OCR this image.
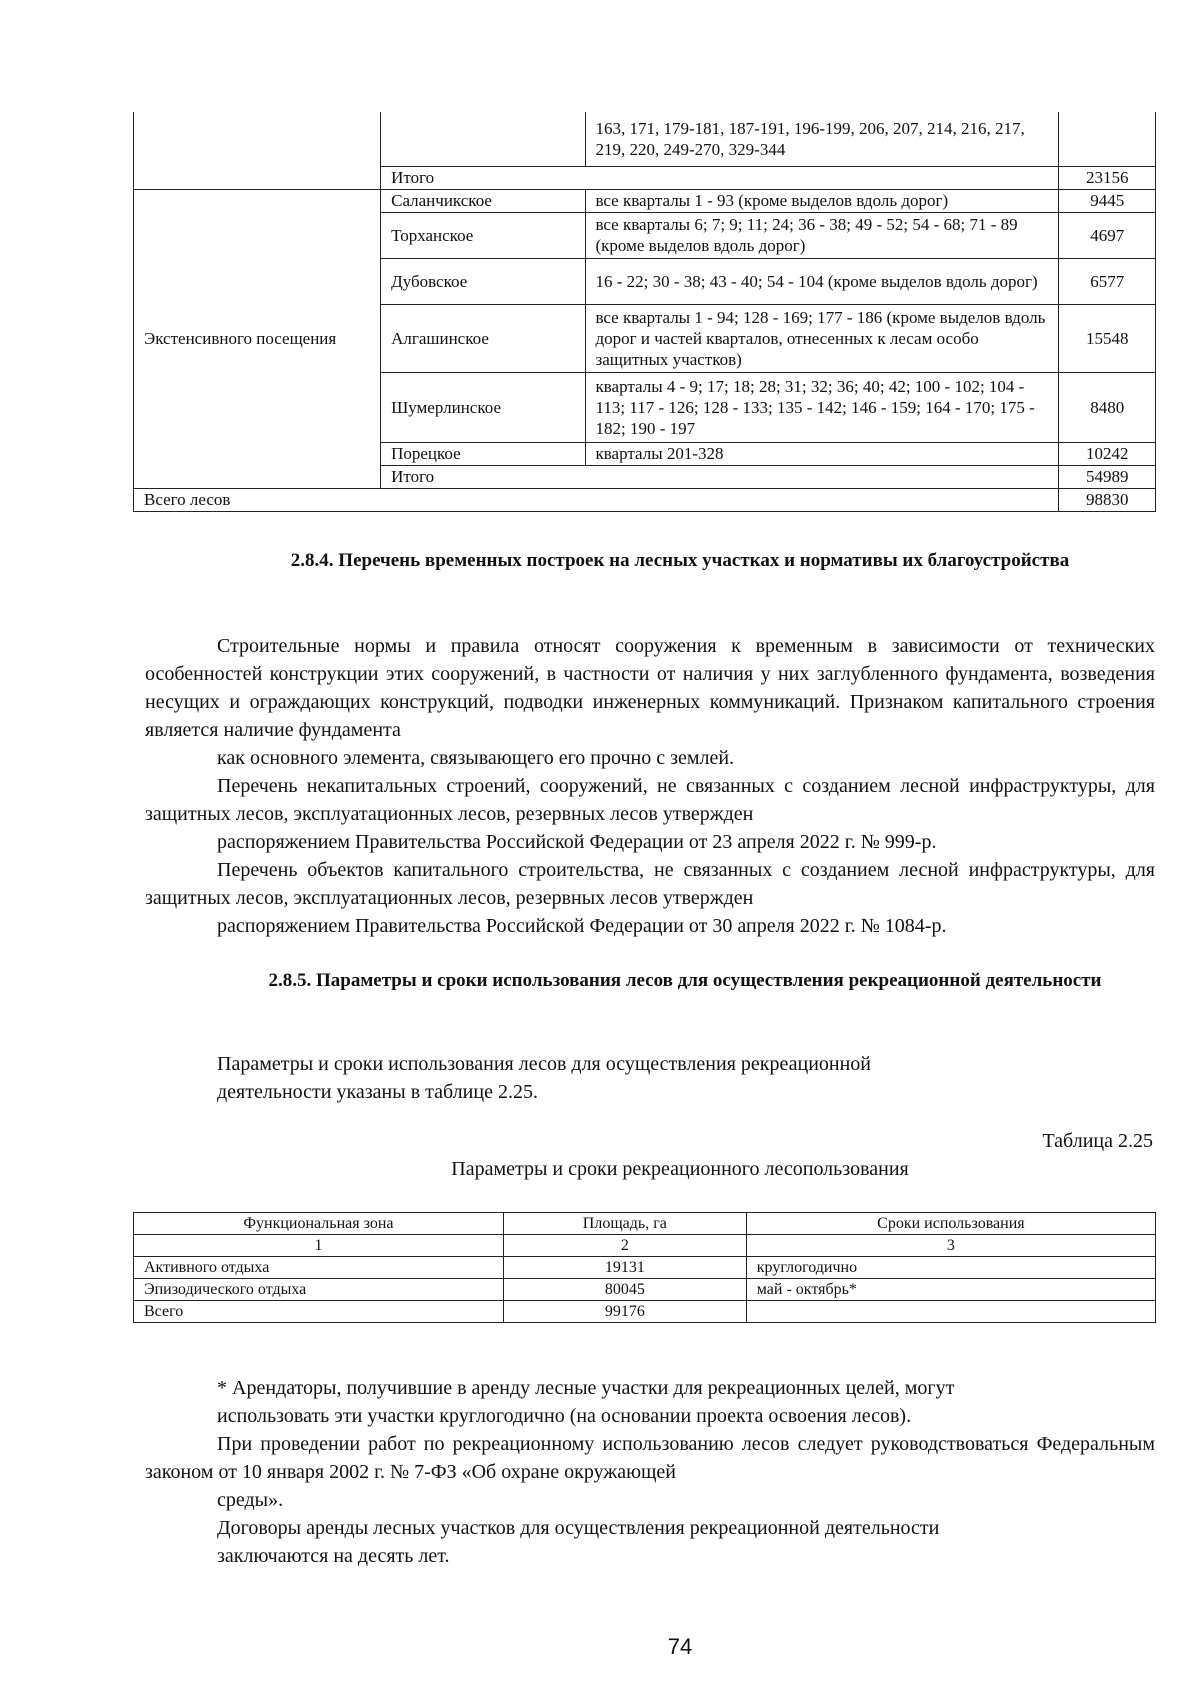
		163, 171, 179-181, 187-191, 196-199, 206, 207, 214, 216, 217, 219, 220, 249-270, 329-344	
	Итого		23156
Экстенсивного посещения	Саланчикское	все кварталы 1 - 93 (кроме выделов вдоль дорог)	9445
	Торханское	все кварталы 6; 7; 9; 11; 24; 36 - 38; 49 - 52; 54 - 68; 71 - 89 (кроме выделов вдоль дорог)	4697
	Дубовское	16 - 22; 30 - 38; 43 - 40; 54 - 104 (кроме выделов вдоль дорог)	6577
	Алгашинское	все кварталы 1 - 94; 128 - 169; 177 - 186 (кроме выделов вдоль дорог и частей кварталов, отнесенных к лесам особо защитных участков)	15548
	Шумерлинское	кварталы 4 - 9; 17; 18; 28; 31; 32; 36; 40; 42; 100 - 102; 104 - 113; 117 - 126; 128 - 133; 135 - 142; 146 - 159; 164 - 170; 175 - 182; 190 - 197	8480
	Порецкое	кварталы 201-328	10242
	Итого		54989
Всего лесов			98830
2.8.4. Перечень временных построек на лесных участках и нормативы их благоустройства

Строительные нормы и правила относят сооружения к временным в зависимости от технических особенностей конструкции этих сооружений, в частности от наличия у них заглубленного фундамента, возведения несущих и ограждающих конструкций, подводки инженерных коммуникаций. Признаком капитального строения является наличие фундамента
как основного элемента, связывающего его прочно с землей.

Перечень некапитальных строений, сооружений, не связанных с созданием лесной инфраструктуры, для защитных лесов, эксплуатационных лесов, резервных лесов утвержден
распоряжением Правительства Российской Федерации от 23 апреля 2022 г. № 999-р.

Перечень объектов капитального строительства, не связанных с созданием лесной инфраструктуры, для защитных лесов, эксплуатационных лесов, резервных лесов утвержден
распоряжением Правительства Российской Федерации от 30 апреля 2022 г. № 1084-р.

2.8.5. Параметры и сроки использования лесов для осуществления рекреационной деятельности

Параметры и сроки использования лесов для осуществления рекреационной
деятельности указаны в таблице 2.25.

Таблица 2.25

Параметры и сроки рекреационного лесопользования

Функциональная зона	Площадь, га	Сроки использования
1	2	3
Активного отдыха	19131	круглогодично
Эпизодического отдыха	80045	май - октябрь*
Всего	99176	

* Арендаторы, получившие в аренду лесные участки для рекреационных целей, могут
использовать эти участки круглогодично (на основании проекта освоения лесов).

При проведении работ по рекреационному использованию лесов следует руководствоваться Федеральным законом от 10 января 2002 г. № 7-ФЗ «Об охране окружающей
среды».

Договоры аренды лесных участков для осуществления рекреационной деятельности
заключаются на десять лет.

74
